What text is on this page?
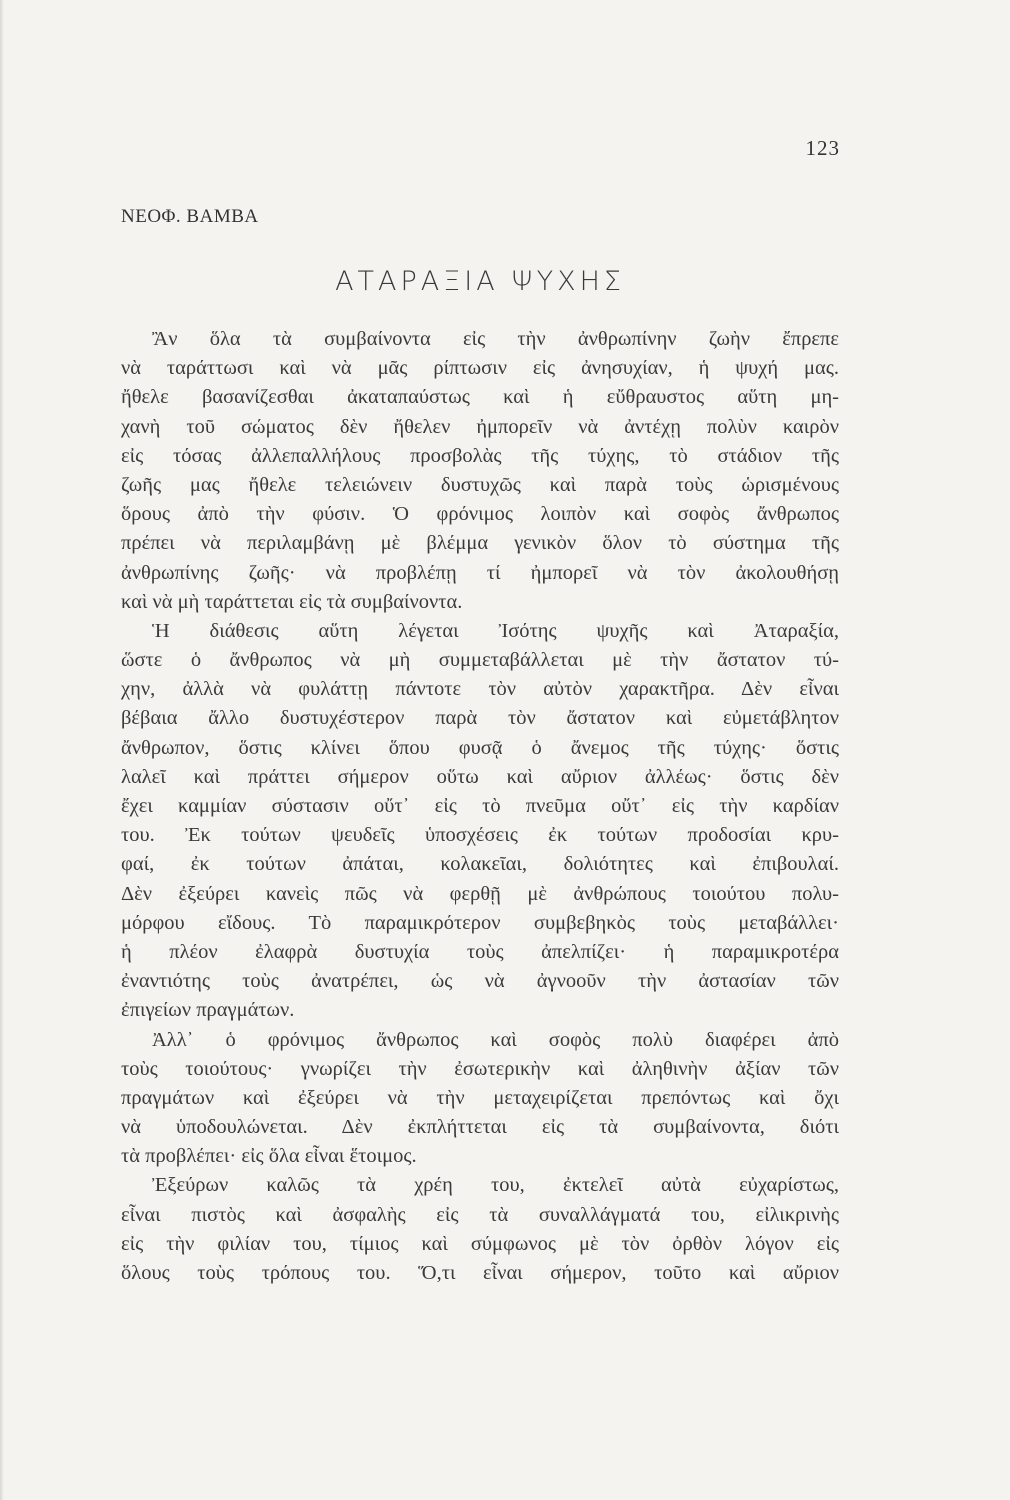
123
ΝΕΟΦ. ΒΑΜΒΑ
ΑΤΑΡΑΞΙΑ ΨΥΧΗΣ
Ἂν ὅλα τὰ συμβαίνοντα εἰς τὴν ἀνθρωπίνην ζωὴν ἔπρεπε
νὰ ταράττωσι καὶ νὰ μᾶς ρίπτωσιν εἰς ἀνησυχίαν, ἡ ψυχή μας.
ἤθελε βασανίζεσθαι ἀκαταπαύστως καὶ ἡ εὔθραυστος αὕτη μη-
χανὴ τοῦ σώματος δὲν ἤθελεν ἠμπορεῖν νὰ ἀντέχῃ πολὺν καιρὸν
εἰς τόσας ἀλλεπαλλήλους προσβολὰς τῆς τύχης, τὸ στάδιον τῆς
ζωῆς μας ἤθελε τελειώνειν δυστυχῶς καὶ παρὰ τοὺς ὡρισμένους
ὅρους ἀπὸ τὴν φύσιν. Ὁ φρόνιμος λοιπὸν καὶ σοφὸς ἄνθρωπος
πρέπει νὰ περιλαμβάνῃ μὲ βλέμμα γενικὸν ὅλον τὸ σύστημα τῆς
ἀνθρωπίνης ζωῆς· νὰ προβλέπῃ τί ἠμπορεῖ νὰ τὸν ἀκολουθήσῃ
καὶ νὰ μὴ ταράττεται εἰς τὰ συμβαίνοντα.
Ἡ διάθεσις αὕτη λέγεται Ἰσότης ψυχῆς καὶ Ἀταραξία,
ὥστε ὁ ἄνθρωπος νὰ μὴ συμμεταβάλλεται μὲ τὴν ἄστατον τύ-
χην, ἀλλὰ νὰ φυλάττῃ πάντοτε τὸν αὐτὸν χαρακτῆρα. Δὲν εἶναι
βέβαια ἄλλο δυστυχέστερον παρὰ τὸν ἄστατον καὶ εὐμετάβλητον
ἄνθρωπον, ὅστις κλίνει ὅπου φυσᾷ ὁ ἄνεμος τῆς τύχης· ὅστις
λαλεῖ καὶ πράττει σήμερον οὕτω καὶ αὔριον ἀλλέως· ὅστις δὲν
ἔχει καμμίαν σύστασιν οὔτ᾽ εἰς τὸ πνεῦμα οὔτ᾽ εἰς τὴν καρδίαν
του. Ἐκ τούτων ψευδεῖς ὑποσχέσεις ἐκ τούτων προδοσίαι κρυ-
φαί, ἐκ τούτων ἀπάται, κολακεῖαι, δολιότητες καὶ ἐπιβουλαί.
Δὲν ἐξεύρει κανεὶς πῶς νὰ φερθῇ μὲ ἀνθρώπους τοιούτου πολυ-
μόρφου εἴδους. Τὸ παραμικρότερον συμβεβηκὸς τοὺς μεταβάλλει·
ἡ πλέον ἐλαφρὰ δυστυχία τοὺς ἀπελπίζει· ἡ παραμικροτέρα
ἐναντιότης τοὺς ἀνατρέπει, ὡς νὰ ἀγνοοῦν τὴν ἀστασίαν τῶν
ἐπιγείων πραγμάτων.
Ἀλλ᾽ ὁ φρόνιμος ἄνθρωπος καὶ σοφὸς πολὺ διαφέρει ἀπὸ
τοὺς τοιούτους· γνωρίζει τὴν ἐσωτερικὴν καὶ ἀληθινὴν ἀξίαν τῶν
πραγμάτων καὶ ἐξεύρει νὰ τὴν μεταχειρίζεται πρεπόντως καὶ ὄχι
νὰ ὑποδουλώνεται. Δὲν ἐκπλήττεται εἰς τὰ συμβαίνοντα, διότι
τὰ προβλέπει· εἰς ὅλα εἶναι ἕτοιμος.
Ἐξεύρων καλῶς τὰ χρέη του, ἐκτελεῖ αὐτὰ εὐχαρίστως,
εἶναι πιστὸς καὶ ἀσφαλὴς εἰς τὰ συναλλάγματά του, εἰλικρινὴς
εἰς τὴν φιλίαν του, τίμιος καὶ σύμφωνος μὲ τὸν ὀρθὸν λόγον εἰς
ὅλους τοὺς τρόπους του. Ὅ,τι εἶναι σήμερον, τοῦτο καὶ αὔριον
